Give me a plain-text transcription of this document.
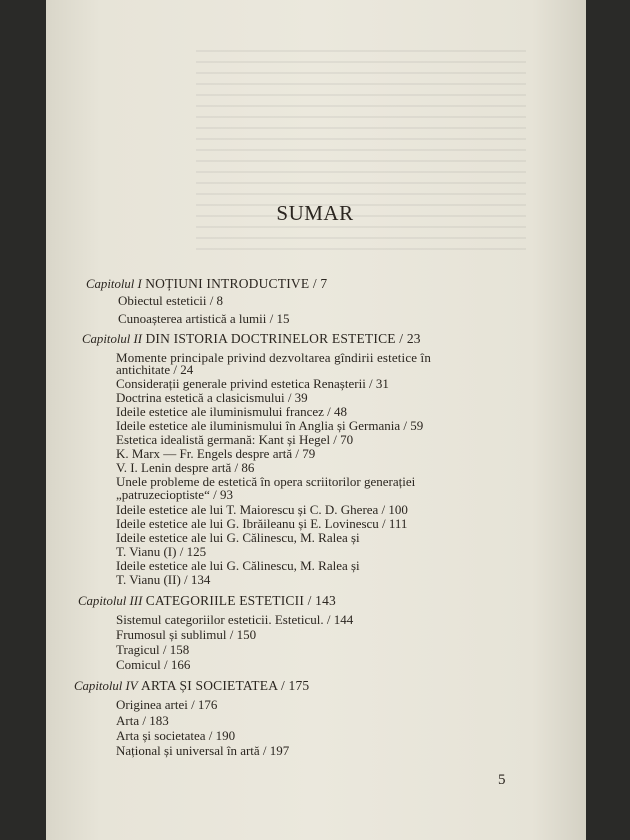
SUMAR
Capitolul I NOȚIUNI INTRODUCTIVE / 7
Obiectul esteticii / 8
Cunoașterea artistică a lumii / 15
Capitolul II DIN ISTORIA DOCTRINELOR ESTETICE / 23
Momente principale privind dezvoltarea gîndirii estetice în
antichitate / 24
Considerații generale privind estetica Renașterii / 31
Doctrina estetică a clasicismului / 39
Ideile estetice ale iluminismului francez / 48
Ideile estetice ale iluminismului în Anglia și Germania / 59
Estetica idealistă germană: Kant și Hegel / 70
K. Marx — Fr. Engels despre artă / 79
V. I. Lenin despre artă / 86
Unele probleme de estetică în opera scriitorilor generației
„patruzecioptiste“ / 93
Ideile estetice ale lui T. Maiorescu și C. D. Gherea / 100
Ideile estetice ale lui G. Ibrăileanu și E. Lovinescu / 111
Ideile estetice ale lui G. Călinescu, M. Ralea și
T. Vianu (I) / 125
Ideile estetice ale lui G. Călinescu, M. Ralea și
T. Vianu (II) / 134
Capitolul III CATEGORIILE ESTETICII / 143
Sistemul categoriilor esteticii. Esteticul. / 144
Frumosul și sublimul / 150
Tragicul / 158
Comicul / 166
Capitolul IV ARTA ȘI SOCIETATEA / 175
Originea artei / 176
Arta / 183
Arta și societatea / 190
Național și universal în artă / 197
5
